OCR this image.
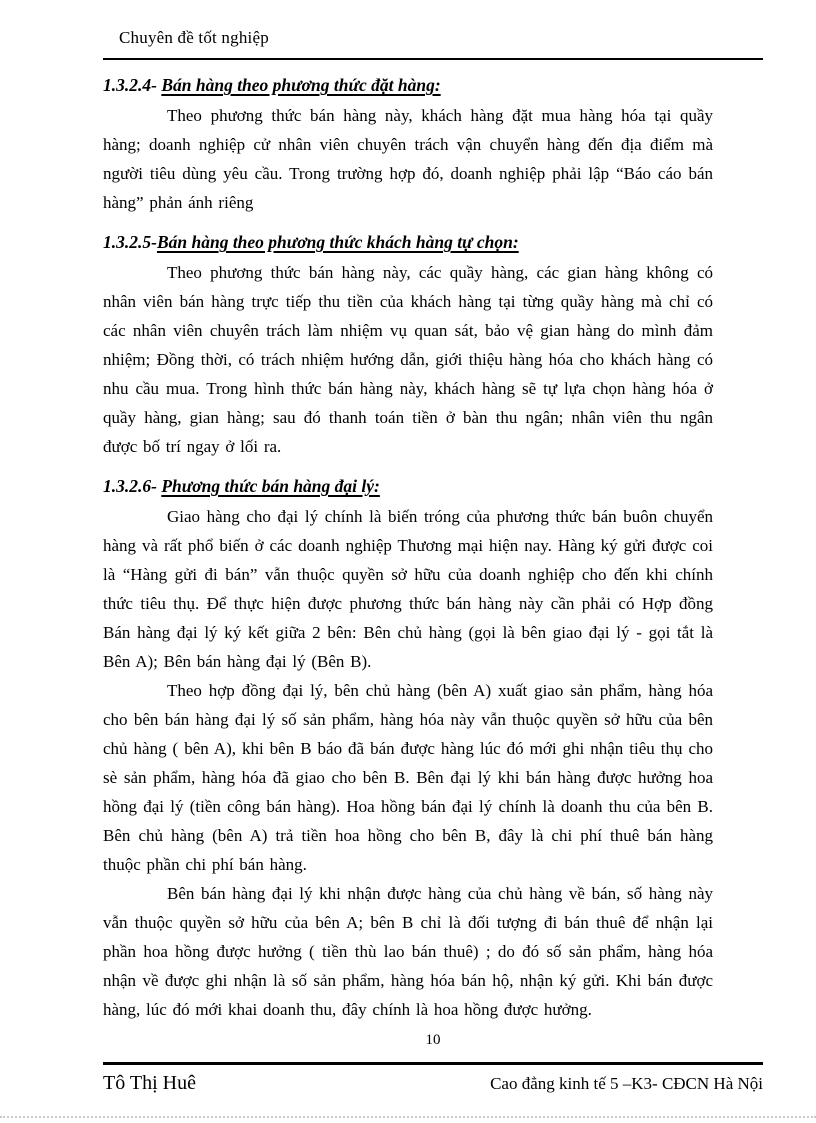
Chuyên đề tốt nghiệp
1.3.2.4- Bán hàng theo phương thức đặt hàng:

Theo phương thức bán hàng này, khách hàng đặt mua hàng hóa tại quầy hàng; doanh nghiệp cử nhân viên chuyên trách vận chuyển hàng đến địa điểm mà người tiêu dùng yêu cầu. Trong trường hợp đó, doanh nghiệp phải lập “Báo cáo bán hàng” phản ánh riêng

1.3.2.5-Bán hàng theo phương thức khách hàng tự chọn:

Theo phương thức bán hàng này, các quầy hàng, các gian hàng không có nhân viên bán hàng trực tiếp thu tiền của khách hàng tại từng quầy hàng mà chỉ có các nhân viên chuyên trách làm nhiệm vụ quan sát, bảo vệ gian hàng do mình đảm nhiệm; Đồng thời, có trách nhiệm hướng dẫn, giới thiệu hàng hóa cho khách hàng có nhu cầu mua. Trong hình thức bán hàng này, khách hàng sẽ tự lựa chọn hàng hóa ở quầy hàng, gian hàng; sau đó thanh toán tiền ở bàn thu ngân; nhân viên thu ngân được bố trí ngay ở lối ra.

1.3.2.6- Phương thức bán hàng đại lý:

Giao hàng cho đại lý chính là biến tróng của phương thức bán buôn chuyển hàng và rất phổ biến ở các doanh nghiệp Thương mại hiện nay. Hàng ký gửi được coi là “Hàng gửi đi bán” vẫn thuộc quyền sở hữu của doanh nghiệp cho đến khi chính thức tiêu thụ. Để thực hiện được phương thức bán hàng này cần phải có Hợp đồng Bán hàng đại lý ký kết giữa 2 bên: Bên chủ hàng (gọi là bên giao đại lý - gọi tắt là Bên A); Bên bán hàng đại lý (Bên B).

Theo hợp đồng đại lý, bên chủ hàng (bên A) xuất giao sản phẩm, hàng hóa cho bên bán hàng đại lý số sản phẩm, hàng hóa này vẫn thuộc quyền sở hữu của bên chủ hàng ( bên A), khi bên B báo đã bán được hàng lúc đó mới ghi nhận tiêu thụ cho sè sản phẩm, hàng hóa đã giao cho bên B. Bên đại lý khi bán hàng được hưởng hoa hồng đại lý (tiền công bán hàng). Hoa hồng bán đại lý chính là doanh thu của bên B. Bên chủ hàng (bên A) trả tiền hoa hồng cho bên B, đây là chi phí thuê bán hàng thuộc phần chi phí bán hàng.

Bên bán hàng đại lý khi nhận được hàng của chủ hàng về bán, số hàng này vẫn thuộc quyền sở hữu của bên A; bên B chỉ là đối tượng đi bán thuê để nhận lại phần hoa hồng được hưởng ( tiền thù lao bán thuê) ; do đó số sản phẩm, hàng hóa nhận về được ghi nhận là số sản phẩm, hàng hóa bán hộ, nhận ký gửi. Khi bán được hàng, lúc đó mới khai doanh thu, đây chính là hoa hồng được hưởng.

10
Tô Thị Huê	Cao đẳng kinh tế 5 –K3- CĐCN Hà Nội
